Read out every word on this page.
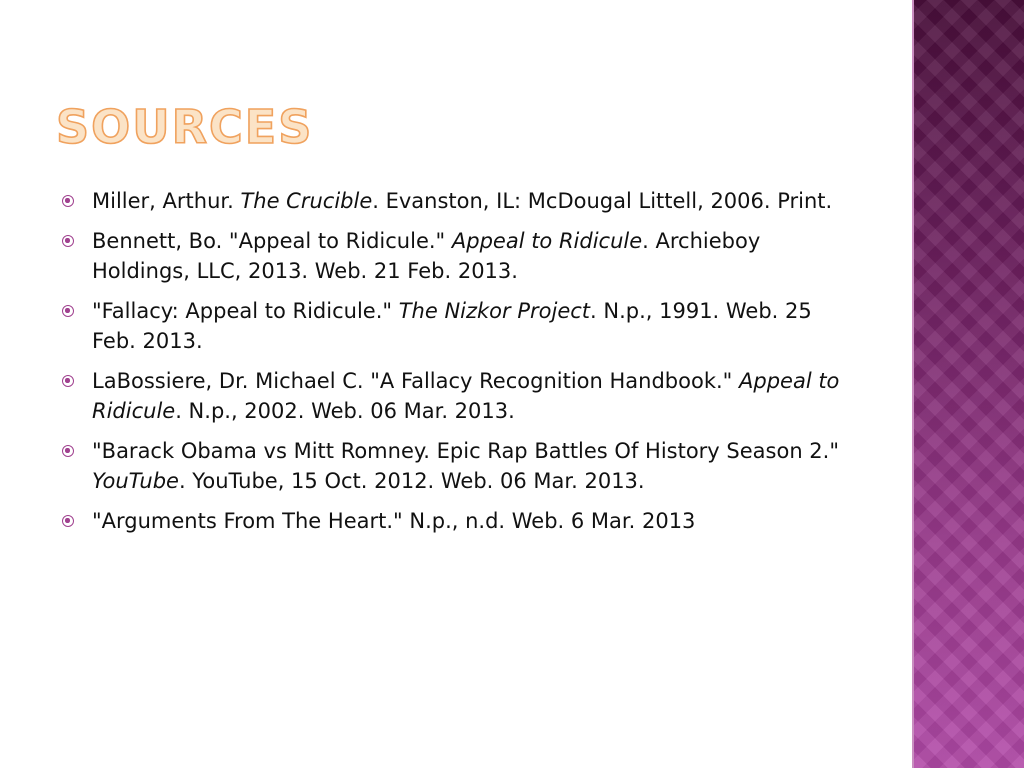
SOURCES
Miller, Arthur. The Crucible. Evanston, IL: McDougal Littell, 2006. Print.
Bennett, Bo. "Appeal to Ridicule." Appeal to Ridicule. Archieboy Holdings, LLC, 2013. Web. 21 Feb. 2013.
"Fallacy: Appeal to Ridicule." The Nizkor Project. N.p., 1991. Web. 25 Feb. 2013.
LaBossiere, Dr. Michael C. "A Fallacy Recognition Handbook." Appeal to Ridicule. N.p., 2002. Web. 06 Mar. 2013.
"Barack Obama vs Mitt Romney. Epic Rap Battles Of History Season 2." YouTube. YouTube, 15 Oct. 2012. Web. 06 Mar. 2013.
"Arguments From The Heart." N.p., n.d. Web. 6 Mar. 2013
